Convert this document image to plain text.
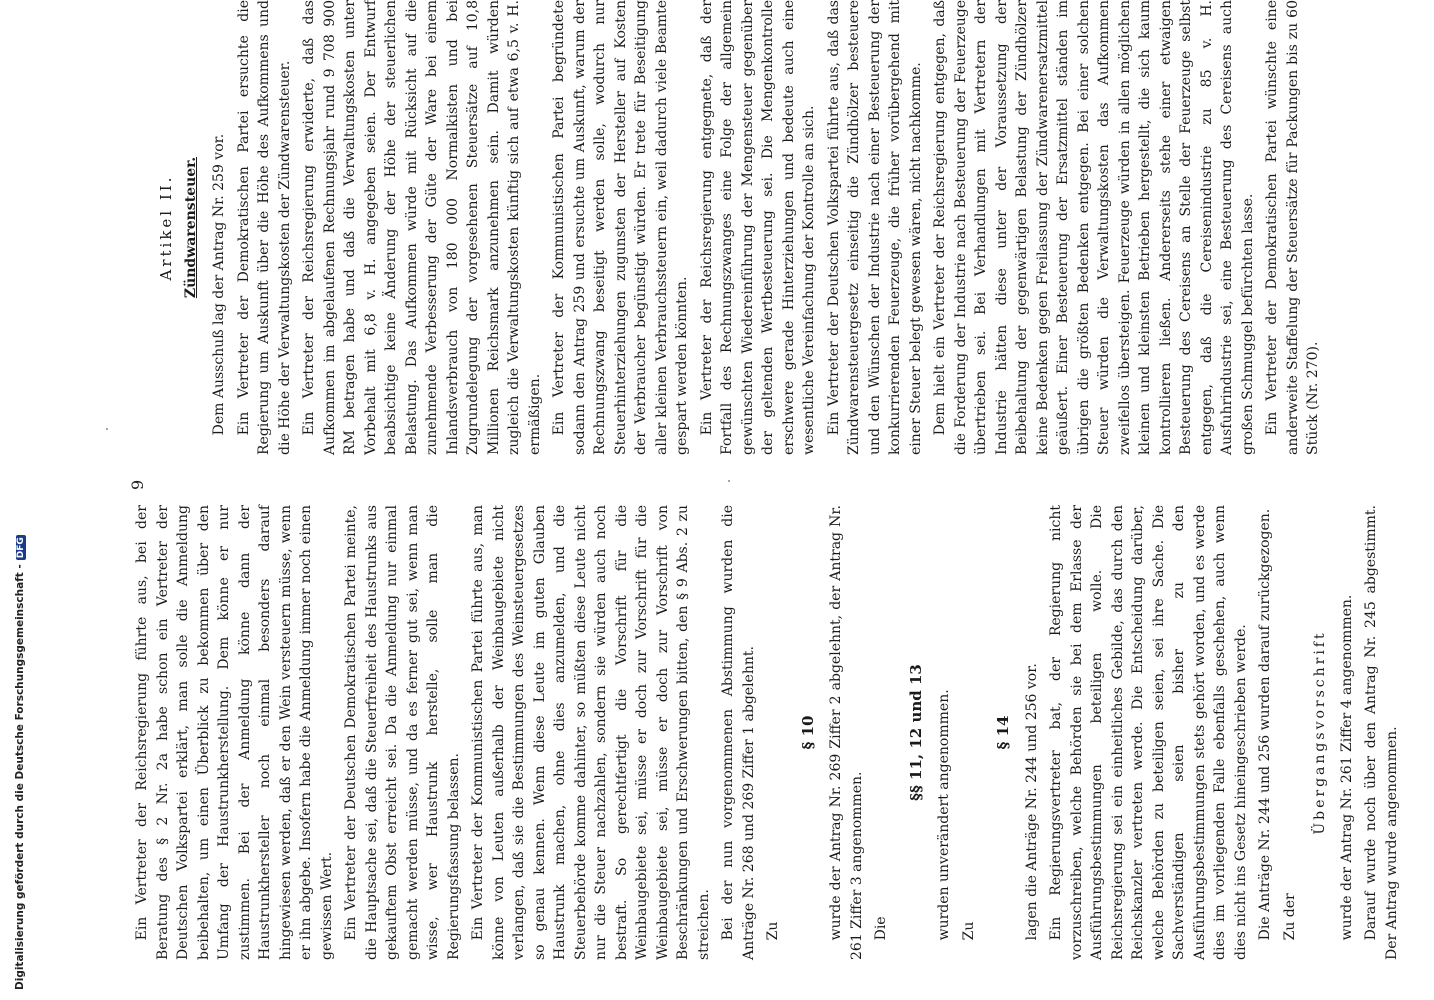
Digitalisierung gefördert durch die Deutsche Forschungsgemeinschaft -DFG
9

Ein Vertreter der Reichsregierung führte aus, bei der Beratung des § 2 Nr. 2a habe schon ein Vertreter der Deutschen Volkspartei erklärt, man solle die Anmeldung beibehalten, um einen Überblick zu bekommen über den Umfang der Haustrunkherstellung. Dem könne er nur zustimmen. Bei der Anmeldung könne dann der Haustrunkhersteller noch einmal besonders darauf hingewiesen werden, daß er den Wein versteuern müsse, wenn er ihn abgebe. Insofern habe die Anmeldung immer noch einen gewissen Wert. Ein Vertreter der Deutschen Demokratischen Partei meinte, die Hauptsache sei, daß die Steuerfreiheit des Haustrunks aus gekauftem Obst erreicht sei. Da die Anmeldung nur einmal gemacht werden müsse, und da es ferner gut sei, wenn man wisse, wer Haustrunk herstelle, solle man die Regierungsfassung belassen. Ein Vertreter der Kommunistischen Partei führte aus, man könne von Leuten außerhalb der Weinbaugebiete nicht verlangen, daß sie die Bestimmungen des Weinsteuergesetzes so genau kennen. Wenn diese Leute im guten Glauben Haustrunk machen, ohne dies anzumelden, und die Steuerbehörde komme dahinter, so müßten diese Leute nicht nur die Steuer nachzahlen, sondern sie würden auch noch bestraft. So gerechtfertigt die Vorschrift für die Weinbaugebiete sei, müsse er doch zur Vorschrift für die Weinbaugebiete sei, müsse er doch zur Vorschrift von Beschränkungen und Erschwerungen bitten, den § 9 Abs. 2 zu streichen. Bei der nun vorgenommenen Abstimmung wurden die Anträge Nr. 268 und 269 Ziffer 1 abgelehnt. Zu

§ 10 wurde der Antrag Nr. 269 Ziffer 2 abgelehnt, der Antrag Nr. 261 Ziffer 3 angenommen. Die

§§ 11, 12 und 13 wurden unverändert angenommen. Zu

§ 14 lagen die Anträge Nr. 244 und 256 vor. Ein Regierungsvertreter bat, der Regierung nicht vorzuschreiben, welche Behörden sie bei dem Erlasse der Ausführungsbestimmungen beteiligen wolle. Die Reichsregierung sei ein einheitliches Gebilde, das durch den Reichskanzler vertreten werde. Die Entscheidung darüber, welche Behörden zu beteiligen seien, sei ihre Sache. Die Sachverständigen seien bisher zu den Ausführungsbestimmungen stets gehört worden, und es werde dies im vorliegenden Falle ebenfalls geschehen, auch wenn dies nicht ins Gesetz hineingeschrieben werde. Die Anträge Nr. 244 und 256 wurden darauf zurückgezogen. Zu der

Übergangsvorschrift wurde der Antrag Nr. 261 Ziffer 4 angenommen. Darauf wurde noch über den Antrag Nr. 245 abgestimmt. Der Antrag wurde angenommen.

Artikel II. Zündwarensteuer. Dem Ausschuß lag der Antrag Nr. 259 vor. Ein Vertreter der Demokratischen Partei ersuchte die Regierung um Auskunft über die Höhe des Aufkommens und die Höhe der Verwaltungskosten der Zündwarensteuer. Ein Vertreter der Reichsregierung erwiderte, daß das Aufkommen im abgelaufenen Rechnungsjahr rund 9 708 900 RM betragen habe und daß die Verwaltungskosten unter Vorbehalt mit 6,8 v. H. angegeben seien. Der Entwurf beabsichtige keine Änderung der Höhe der steuerlichen Belastung. Das Aufkommen würde mit Rücksicht auf die zunehmende Verbesserung der Güte der Ware bei einem Inlandsverbrauch von 180 000 Normalkisten und bei Zugrundelegung der vorgesehenen Steuersätze auf 10,8 Millionen Reichsmark anzunehmen sein. Damit würden zugleich die Verwaltungskosten künftig sich auf etwa 6,5 v. H. ermäßigen. Ein Vertreter der Kommunistischen Partei begründete sodann den Antrag 259 und ersuchte um Auskunft, warum der Rechnungszwang beseitigt werden solle, wodurch nur Steuerhinterziehungen zugunsten der Hersteller auf Kosten der Verbraucher begünstigt würden. Er trete für Beseitigung aller kleinen Verbrauchssteuern ein, weil dadurch viele Beamte gespart werden könnten. Ein Vertreter der Reichsregierung entgegnete, daß der Fortfall des Rechnungszwanges eine Folge der allgemein gewünschten Wiedereinführung der Mengensteuer gegenüber der geltenden Wertbesteuerung sei. Die Mengenkontrolle erschwere gerade Hinterziehungen und bedeute auch eine wesentliche Vereinfachung der Kontrolle an sich. Ein Vertreter der Deutschen Volkspartei führte aus, daß das Zündwarensteuergesetz einseitig die Zündhölzer besteuere und den Wünschen der Industrie nach einer Besteuerung der konkurrierenden Feuerzeuge, die früher vorübergehend mit einer Steuer belegt gewesen wären, nicht nachkomme. Dem hielt ein Vertreter der Reichsregierung entgegen, daß die Forderung der Industrie nach Besteuerung der Feuerzeuge übertrieben sei. Bei Verhandlungen mit Vertretern der Industrie hätten diese unter der Voraussetzung der Beibehaltung der gegenwärtigen Belastung der Zündhölzer keine Bedenken gegen Freilassung der Zündwarenersatzmittel geäußert. Einer Besteuerung der Ersatzmittel ständen im übrigen die größten Bedenken entgegen. Bei einer solchen Steuer würden die Verwaltungskosten das Aufkommen zweifellos übersteigen. Feuerzeuge würden in allen möglichen kleinen und kleinsten Betrieben hergestellt, die sich kaum kontrollieren ließen. Andererseits stehe einer etwaigen Besteuerung des Cereisens an Stelle der Feuerzeuge selbst entgegen, daß die Cereisenindustrie zu 85 v. H. Ausfuhrindustrie sei, eine Besteuerung des Cereisens auch großen Schmuggel befürchten lasse. Ein Vertreter der Demokratischen Partei wünschte eine anderweite Staffelung der Steuersätze für Packungen bis zu 60 Stück (Nr. 270).
